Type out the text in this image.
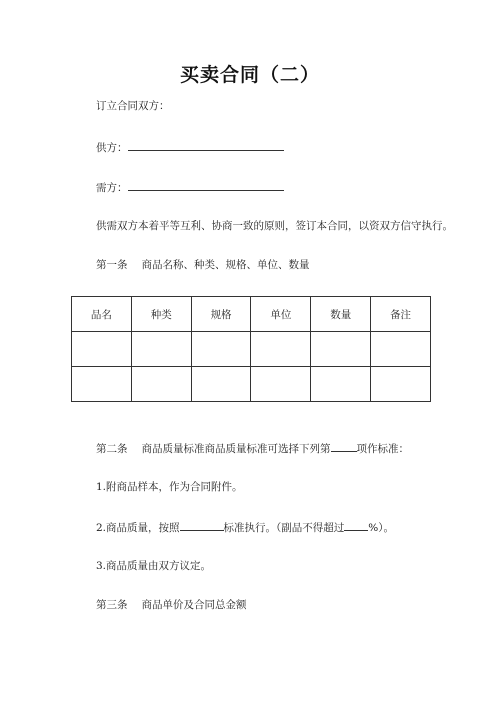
买卖合同（二）
订立合同双方：
供方：
需方：
供需双方本着平等互利、协商一致的原则，签订本合同，以资双方信守执行。
第一条 商品名称、种类、规格、单位、数量
品名	种类	规格	单位	数量	备注

第二条 商品质量标准商品质量标准可选择下列第 项作标准：
1.附商品样本，作为合同附件。
2.商品质量，按照	标准执行。（副品不得超过 %）。
3.商品质量由双方议定。
第三条 商品单价及合同总金额
